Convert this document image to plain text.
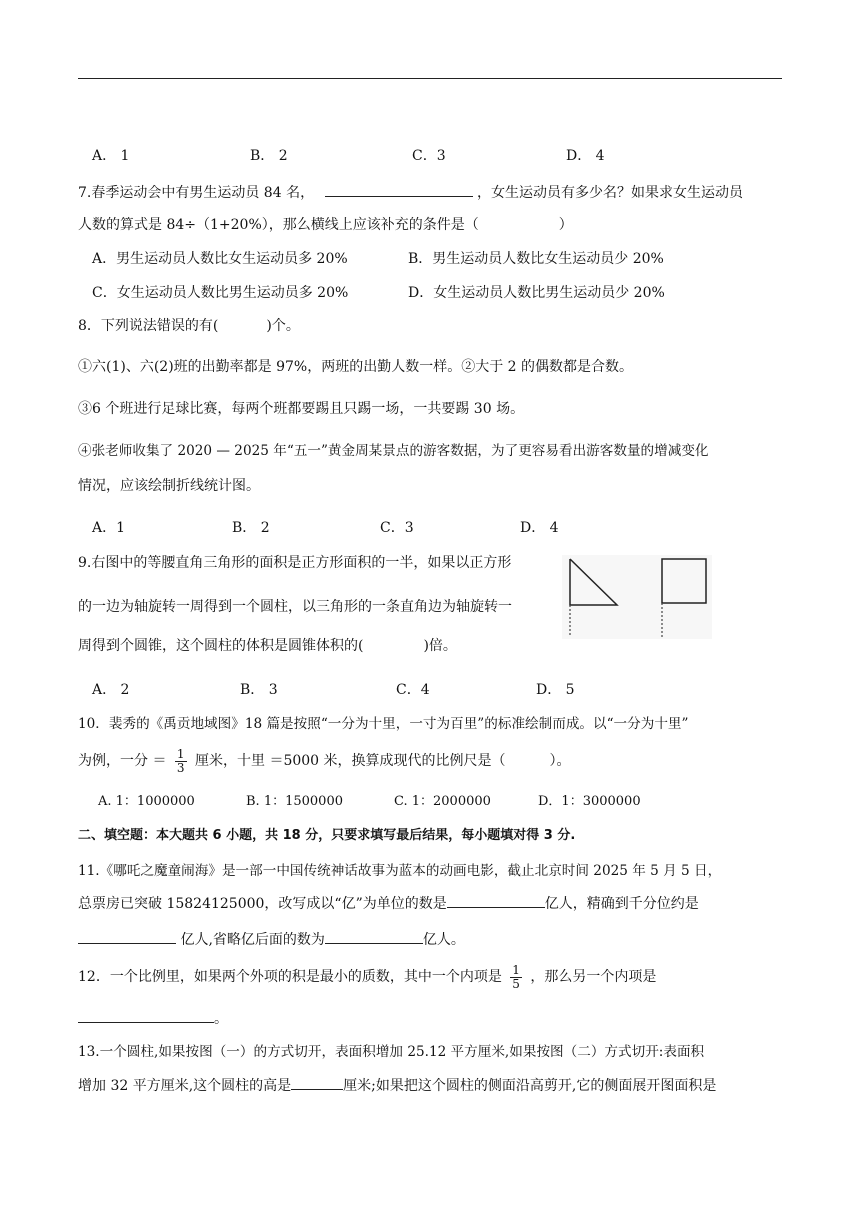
A． 1	B． 2	C．3	D． 4
7.春季运动会中有男生运动员 84 名，	，女生运动员有多少名？如果求女生运动员
人数的算式是 84÷（1+20%），那么横线上应该补充的条件是（	）
A．男生运动员人数比女生运动员多 20%	B．男生运动员人数比女生运动员少 20%
C．女生运动员人数比男生运动员多 20%	D．女生运动员人数比男生运动员少 20%
8．下列说法错误的有(	)个。
①六(1)、六(2)班的出勤率都是 97%，两班的出勤人数一样。②大于 2 的偶数都是合数。
③6 个班进行足球比赛，每两个班都要踢且只踢一场，一共要踢 30 场。
④张老师收集了 2020 — 2025 年“五一”黄金周某景点的游客数据，为了更容易看出游客数量的增减变化
情况，应该绘制折线统计图。
A．1	B． 2	C．3	D． 4
9.右图中的等腰直角三角形的面积是正方形面积的一半，如果以正方形
的一边为轴旋转一周得到一个圆柱，以三角形的一条直角边为轴旋转一
周得到个圆锥，这个圆柱的体积是圆锥体积的(	)倍。
A． 2	B． 3	C．4	D． 5
10．裴秀的《禹贡地域图》18 篇是按照“一分为十里，一寸为百里”的标准绘制而成。以“一分为十里”
为例，一分 ＝ $\frac{1}{3}$ 厘米，十里 ＝5000 米，换算成现代的比例尺是（	）。
A. 1：1000000	B. 1：1500000	C. 1：2000000	D．1：3000000
二、填空题：本大题共 6 小题，共 18 分，只要求填写最后结果，每小题填对得 3 分.
11.《哪吒之魔童闹海》是一部一中国传统神话故事为蓝本的动画电影，截止北京时间 2025 年 5 月 5 日，
总票房已突破 15824125000，改写成以“亿”为单位的数是	亿人，精确到千分位约是
亿人,省略亿后面的数为	亿人。
12．一个比例里，如果两个外项的积是最小的质数，其中一个内项是 $\frac{1}{5}$ ，那么另一个内项是
。
13.一个圆柱,如果按图（一）的方式切开，表面积增加 25.12 平方厘米,如果按图（二）方式切开:表面积
增加 32 平方厘米,这个圆柱的高是	厘米;如果把这个圆柱的侧面沿高剪开,它的侧面展开图面积是
